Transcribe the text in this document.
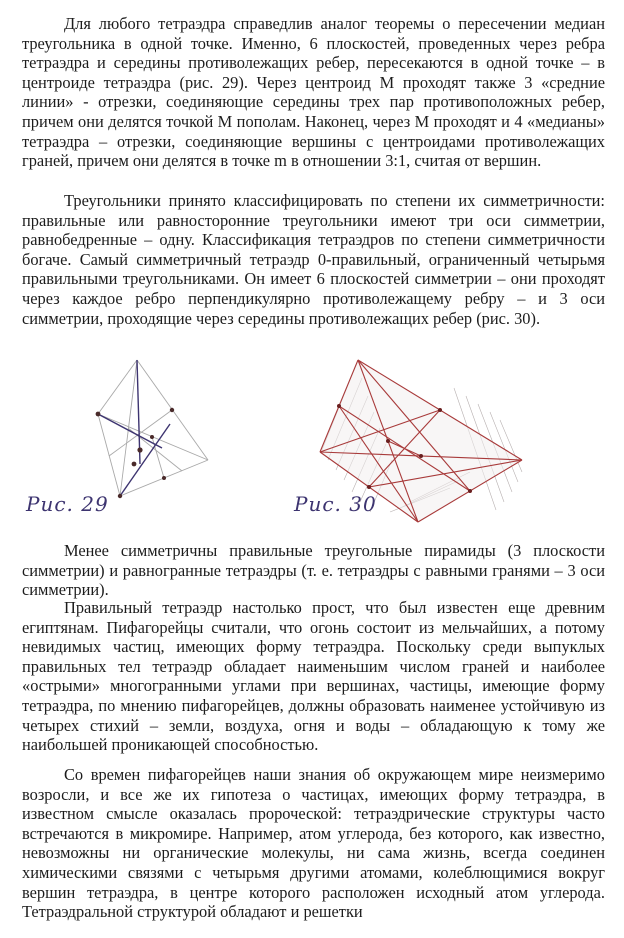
Для любого тетраэдра справедлив аналог теоремы о пересечении медиан треугольника в одной точке. Именно, 6 плоскостей, проведенных через ребра тетраэдра и середины противолежащих ребер, пересекаются в одной точке – в центроиде тетраэдра (рис. 29). Через центроид М проходят также 3 «средние линии» - отрезки, соединяющие середины трех пар противоположных ребер, причем они делятся точкой М пополам. Наконец, через М проходят и 4 «медианы» тетраэдра – отрезки, соединяющие вершины с центроидами противолежащих граней, причем они делятся в точке m в отношении 3:1, считая от вершин.

Треугольники принято классифицировать по степени их симметричности: правильные или равносторонние треугольники имеют три оси симметрии, равнобедренные – одну. Классификация тетраэдров по степени симметричности богаче. Самый симметричный тетраэдр 0-правильный, ограниченный четырьмя правильными треугольниками. Он имеет 6 плоскостей симметрии – они проходят через каждое ребро перпендикулярно противолежащему ребру – и 3 оси симметрии, проходящие через середины противолежащих ребер (рис. 30).

Рис. 29	Рис. 30

Менее симметричны правильные треугольные пирамиды (3 плоскости симметрии) и равногранные тетраэдры (т. е. тетраэдры с равными гранями – 3 оси симметрии).

Правильный тетраэдр настолько прост, что был известен еще древним египтянам. Пифагорейцы считали, что огонь состоит из мельчайших, а потому невидимых частиц, имеющих форму тетраэдра. Поскольку среди выпуклых правильных тел тетраэдр обладает наименьшим числом граней и наиболее «острыми» многогранными углами при вершинах, частицы, имеющие форму тетраэдра, по мнению пифагорейцев, должны образовать наименее устойчивую из четырех стихий – земли, воздуха, огня и воды – обладающую к тому же наибольшей проникающей способностью.

Со времен пифагорейцев наши знания об окружающем мире неизмеримо возросли, и все же их гипотеза о частицах, имеющих форму тетраэдра, в известном смысле оказалась пророческой: тетраэдрические структуры часто встречаются в микромире. Например, атом углерода, без которого, как известно, невозможны ни органические молекулы, ни сама жизнь, всегда соединен химическими связями с четырьмя другими атомами, колеблющимися вокруг вершин тетраэдра, в центре которого расположен исходный атом углерода. Тетраэдральной структурой обладают и решетки
